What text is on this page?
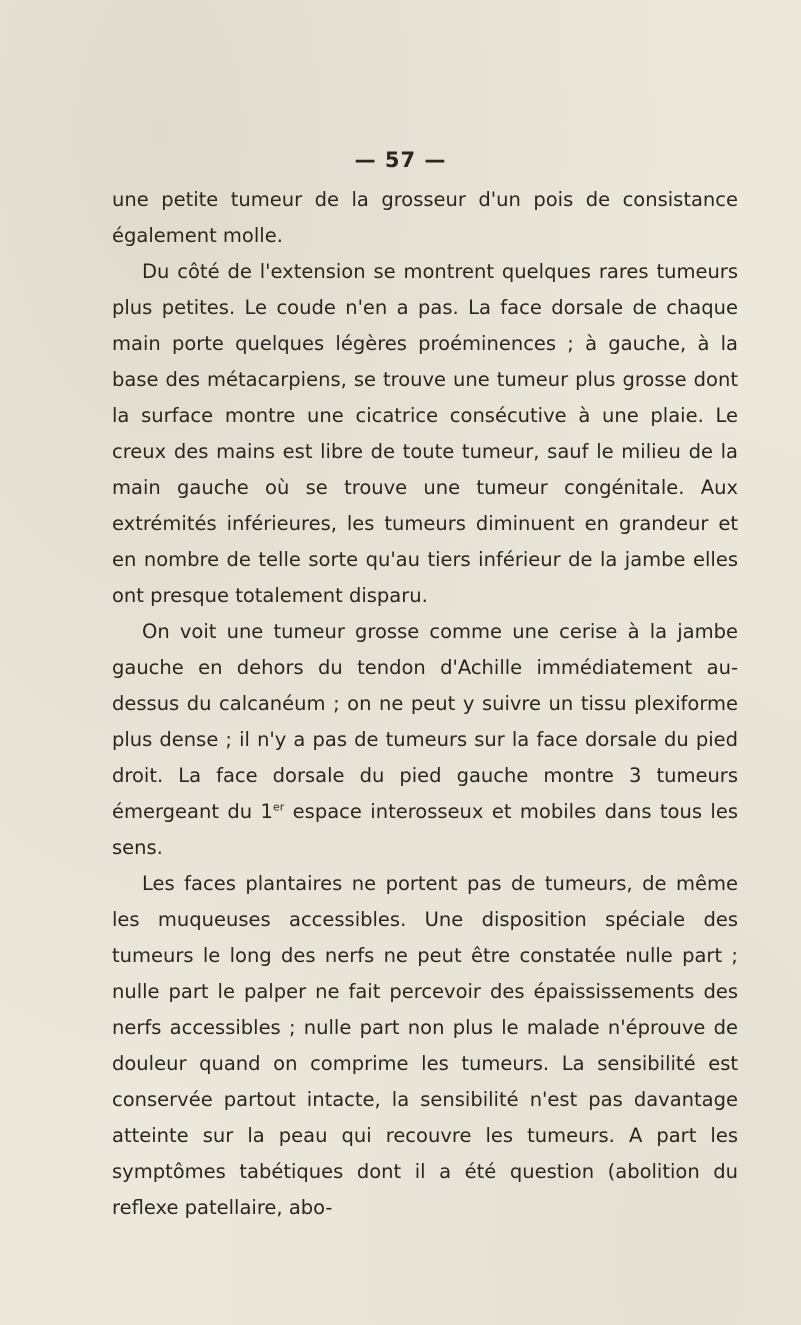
— 57 —

une petite tumeur de la grosseur d'un pois de consistance également molle.

Du côté de l'extension se montrent quelques rares tumeurs plus petites. Le coude n'en a pas. La face dorsale de chaque main porte quelques légères proéminences ; à gauche, à la base des métacarpiens, se trouve une tumeur plus grosse dont la surface montre une cicatrice consécutive à une plaie. Le creux des mains est libre de toute tumeur, sauf le milieu de la main gauche où se trouve une tumeur congénitale. Aux extrémités inférieures, les tumeurs diminuent en grandeur et en nombre de telle sorte qu'au tiers inférieur de la jambe elles ont presque totalement disparu.

On voit une tumeur grosse comme une cerise à la jambe gauche en dehors du tendon d'Achille immédiatement au-dessus du calcanéum ; on ne peut y suivre un tissu plexiforme plus dense ; il n'y a pas de tumeurs sur la face dorsale du pied droit. La face dorsale du pied gauche montre 3 tumeurs émergeant du 1er espace interosseux et mobiles dans tous les sens.

Les faces plantaires ne portent pas de tumeurs, de même les muqueuses accessibles. Une disposition spéciale des tumeurs le long des nerfs ne peut être constatée nulle part ; nulle part le palper ne fait percevoir des épaississements des nerfs accessibles ; nulle part non plus le malade n'éprouve de douleur quand on comprime les tumeurs. La sensibilité est conservée partout intacte, la sensibilité n'est pas davantage atteinte sur la peau qui recouvre les tumeurs. A part les symptômes tabétiques dont il a été question (abolition du reflexe patellaire, abo-
